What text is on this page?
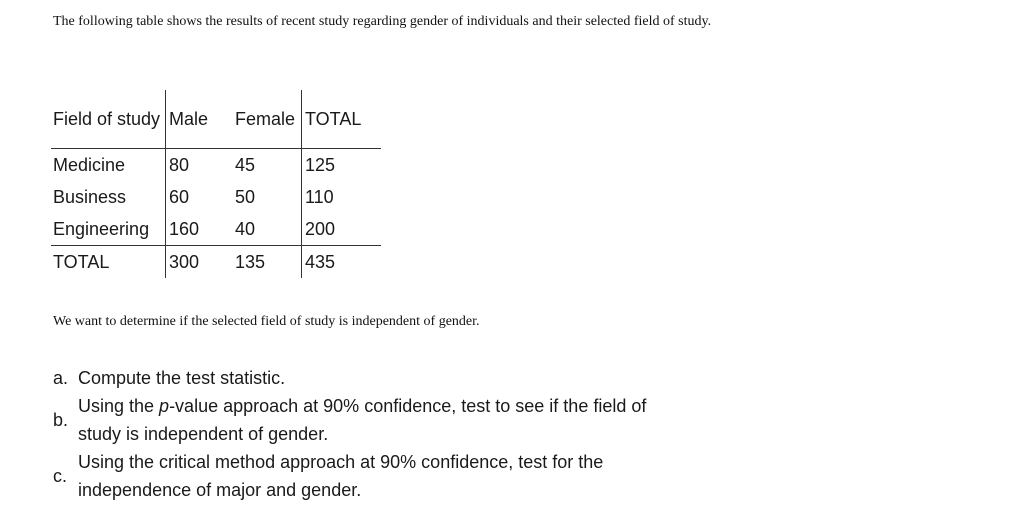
The following table shows the results of recent study regarding gender of individuals and their selected field of study.
Field of study	Male	Female	TOTAL
Medicine	80	45	125
Business	60	50	110
Engineering	160	40	200
TOTAL	300	135	435
We want to determine if the selected field of study is independent of gender.
a. Compute the test statistic.
b.
Using the p-value approach at 90% confidence, test to see if the field of study is independent of gender.
c.
Using the critical method approach at 90% confidence, test for the independence of major and gender.
